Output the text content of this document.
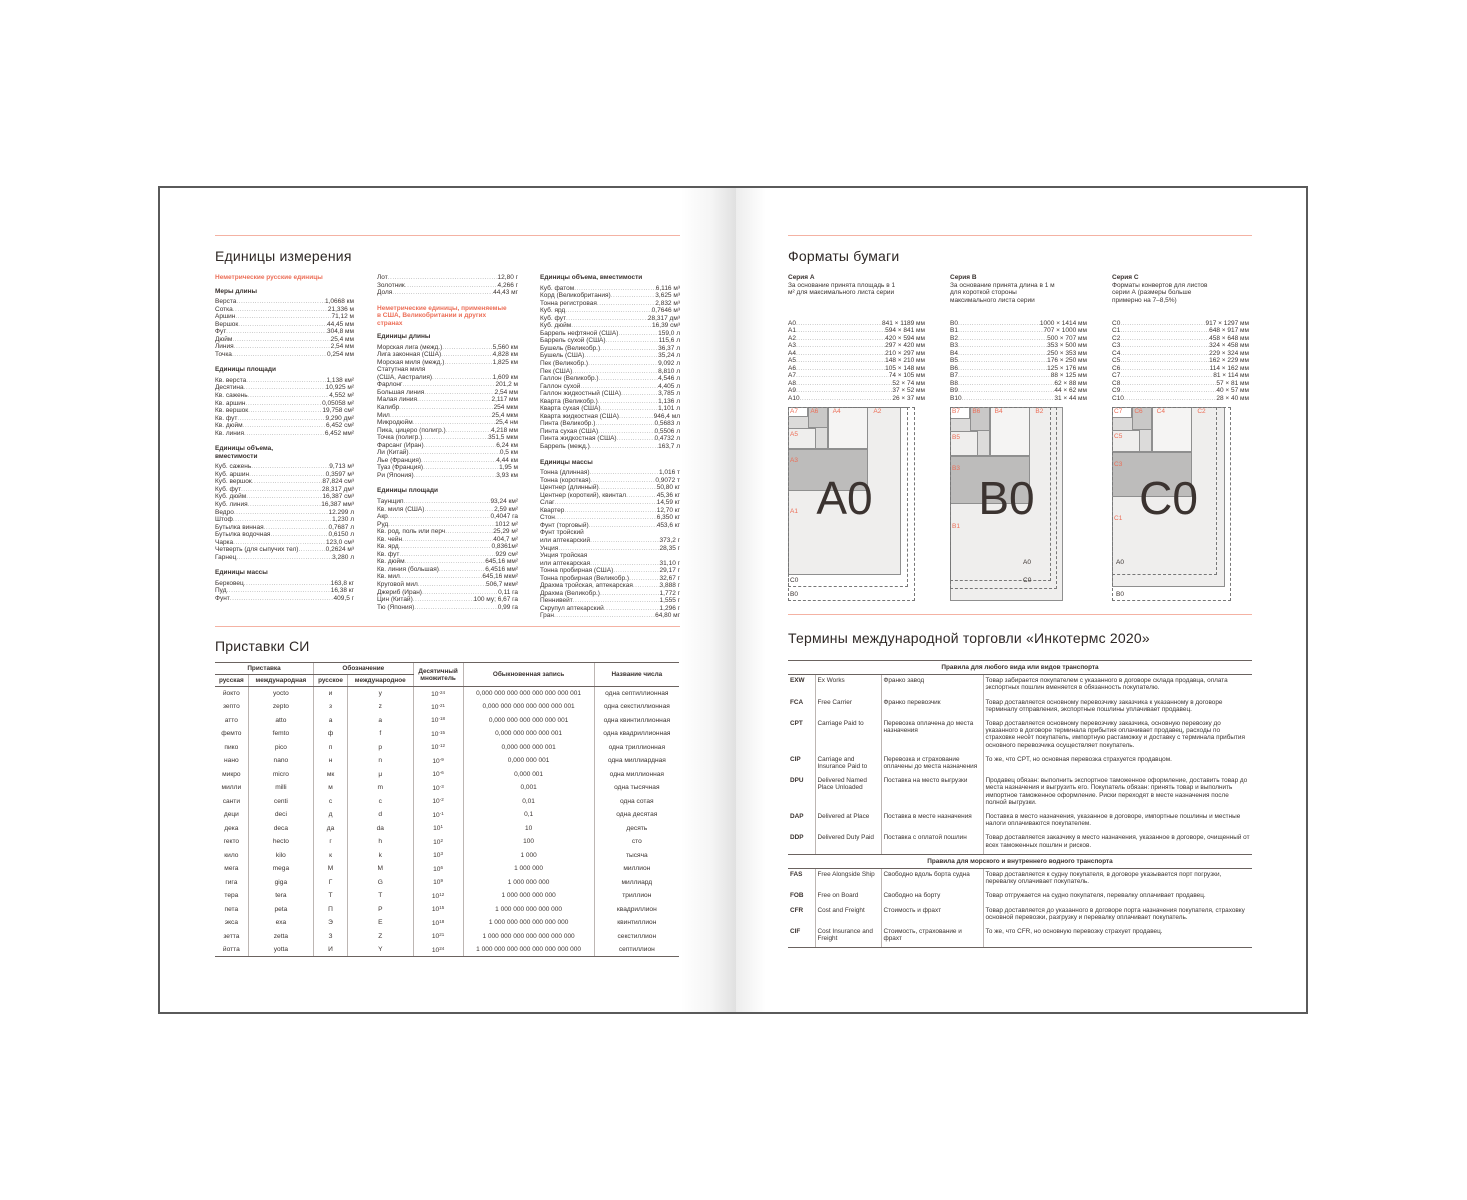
Единицы измерения
Неметрические русские единицы
Меры длины
Верста .....	1,0668 км
Сотка .....	21,336 м
Аршин .....	71,12 м
Вершок .....	44,45 мм
Фут .....	304,8 мм
Дюйм .....	25,4 мм
Линия .....	2,54 мм
Точка .....	0,254 мм
Единицы площади
Кв. верста .....	1,138 км²
Десятина .....	10,925 м²
Кв. сажень .....	4,552 м²
Кв. аршин .....	0,05058 м²
Кв. вершок .....	19,758 см²
Кв. фут .....	9,290 дм²
Кв. дюйм .....	6,452 см²
Кв. линия .....	6,452 мм²
Единицы объема, вместимости
Куб. сажень .....	9,713 м³
Куб. аршин .....	0,3597 м³
Куб. вершок .....	87,824 см³
Куб. фут .....	28,317 дм³
Куб. дюйм .....	16,387 см³
Куб. линия .....	16,387 мм³
Ведро .....	12.299 л
Штоф .....	1,230 л
Бутылка винная .....	0,7687 л
Бутылка водочная .....	0,6150 л
Чарка .....	123,0 см³
Четверть (для сыпучих тел) .....	0,2624 м³
Гарнец .....	3,280 л
Единицы массы
Берковец .....	163,8 кг
Пуд .....	16,38 кг
Фунт .....	409,5 г
Лот .....	12,80 г
Золотник .....	4,266 г
Доля .....	44,43 мг
Неметрические единицы, применяемые в США, Великобритании и других странах
Единицы длины
Морская лига (межд.) .....	5,560 км
Лига законная (США) .....	4,828 км
Морская миля (межд.) .....	1,825 км
Статутная миля
(США, Австралия) .....	1,609 км
Фарлонг .....	201,2 м
Большая линия .....	2,54 мм
Малая линия .....	2,117 мм
Калибр .....	254 мкм
Мил .....	25,4 мкм
Микродюйм .....	25,4 нм
Пика, цицеро (полигр.) .....	4,218 мм
Точка (полигр.) .....	351,5 мкм
Фарсанг (Иран) .....	6,24 км
Ли (Китай) .....	0,5 км
Лье (Франция) .....	4,44 км
Туаз (Франция) .....	1,95 м
Ри (Япония) .....	3,93 км
Единицы площади
Таунщип .....	93,24 км²
Кв. миля (США) .....	2,59 км²
Акр .....	0,4047 га
Руд .....	1012 м²
Кв. род, поль или перч .....	25,29 м²
Кв. чейн .....	404,7 м²
Кв. ярд .....	0,8361м²
Кв. фут .....	929 см²
Кв. дюйм .....	645,16 мм²
Кв. линия (большая) .....	6,4516 мм²
Кв. мил .....	645,16 мкм²
Круговой мил .....	506,7 мкм²
Джериб (Иран) .....	0,11 га
Цин (Китай) .....	100 му; 6,67 га
Тю (Япония) .....	0,99 га
Единицы объема, вместимости
Куб. фатом .....	6,116 м³
Корд (Великобритания) .....	3,625 м³
Тонна регистровая .....	2,832 м³
Куб. ярд .....	0,7646 м³
Куб. фут .....	28,317 дм³
Куб. дюйм .....	16,39 см³
Баррель нефтяной (США) .....	159,0 л
Баррель сухой (США) .....	115,6 л
Бушель (Великобр.) .....	36,37 л
Бушель (США) .....	35,24 л
Пек (Великобр.) .....	9,092 л
Пек (США) .....	8,810 л
Галлон (Великобр.) .....	4,546 л
Галлон сухой .....	4,405 л
Галлон жидкостный (США) .....	3,785 л
Кварта (Великобр.) .....	1,136 л
Кварта сухая (США) .....	1,101 л
Кварта жидкостная (США) .....	946,4 мл
Пинта (Великобр.) .....	0,5683 л
Пинта сухая (США) .....	0,5506 л
Пинта жидкостная (США) .....	0,4732 л
Баррель (межд.) .....	163,7 л
Единицы массы
Тонна (длинная) .....	1,016 т
Тонна (короткая) .....	0,9072 т
Центнер (длинный) .....	50,80 кг
Центнер (короткий), квинтал .....	45,36 кг
Слаг .....	14,59 кг
Квартер .....	12,70 кг
Стон .....	6,350 кг
Фунт (торговый) .....	453,6 кг
Фунт тройский
или аптекарский .....	373,2 г
Унция .....	28,35 г
Унция тройская
или аптекарская .....	31,10 г
Тонна пробирная (США) .....	29,17 г
Тонна пробирная (Великобр.) .....	32,67 г
Драхма тройская, аптекарская .....	3,888 г
Драхма (Великобр.) .....	1,772 г
Пеннивейт .....	1,555 г
Скрупул аптекарский .....	1,296 г
Гран .....	64,80 мг
Приставки СИ
Приставка		Обозначение		Десятичный множитель	Обыкновенная запись	Название числа
русская	международная	русское	международное			
йокто	yocto	и	y	$10^{-24}$	0,000 000 000 000 000 000 000 001	одна септиллионная
зепто	zepto	з	z	$10^{-21}$	0,000 000 000 000 000 000 001	одна секстиллионная
атто	atto	а	a	$10^{-18}$	0,000 000 000 000 000 001	одна квинтиллионная
фемто	femto	ф	f	$10^{-15}$	0,000 000 000 000 001	одна квадриллионная
пико	pico	п	p	$10^{-12}$	0,000 000 000 001	одна триллионная
нано	nano	н	n	$10^{-9}$	0,000 000 001	одна миллиардная
микро	micro	мк	μ	$10^{-6}$	0,000 001	одна миллионная
милли	milli	м	m	$10^{-3}$	0,001	одна тысячная
санти	centi	с	c	$10^{-2}$	0,01	одна сотая
деци	deci	д	d	$10^{-1}$	0,1	одна десятая
дека	deca	да	da	$10^1$	10	десять
гекто	hecto	г	h	$10^2$	100	сто
кило	kilo	к	k	$10^3$	1 000	тысяча
мега	mega	М	M	$10^6$	1 000 000	миллион
гига	giga	Г	G	$10^9$	1 000 000 000	миллиард
тера	tera	Т	T	$10^{12}$	1 000 000 000 000	триллион
пета	peta	П	P	$10^{15}$	1 000 000 000 000 000	квадриллион
экса	exa	Э	E	$10^{18}$	1 000 000 000 000 000 000	квинтиллион
зетта	zetta	З	Z	$10^{21}$	1 000 000 000 000 000 000 000	секстиллион
йотта	yotta	И	Y	$10^{24}$	1 000 000 000 000 000 000 000 000	септиллион
Форматы бумаги
Серия А
За основание принята площадь в 1 м² для максимального листа серии
A0 .....	841 × 1189 мм
A1 .....	594 × 841 мм
A2 .....	420 × 594 мм
A3 .....	297 × 420 мм
A4 .....	210 × 297 мм
A5 .....	148 × 210 мм
A6 .....	105 × 148 мм
A7 .....	74 × 105 мм
A8 .....	52 × 74 мм
A9 .....	37 × 52 мм
A10 .....	26 × 37 мм
A7 A6 A4	A2
A5
A3
A1 A0
C0
B0
Серия В
За основание принята длина в 1 м для короткой стороны максимального листа серии
B0 .....	1000 × 1414 мм
B1 .....	707 × 1000 мм
B2 .....	500 × 707 мм
B3 .....	353 × 500 мм
B4 .....	250 × 353 мм
B5 .....	176 × 250 мм
B6 .....	125 × 176 мм
B7 .....	88 × 125 мм
B8 .....	62 × 88 мм
B9 .....	44 × 62 мм
B10 .....	31 × 44 мм
B7 B6 B4	B2
B5
B3
B1
B0
A0
C0
Серия С
Форматы конвертов для листов серии А (размеры больше примерно на 7–8,5%)
C0 .....	917 × 1297 мм
C1 .....	648 × 917 мм
C2 .....	458 × 648 мм
C3 .....	324 × 458 мм
C4 .....	229 × 324 мм
C5 .....	162 × 229 мм
C6 .....	114 × 162 мм
C7 .....	81 × 114 мм
C8 .....	57 × 81 мм
C9 .....	40 × 57 мм
C10 .....	28 × 40 мм
C7 C6 C4	C2
C5
C3
C1 C0
A0
B0
Термины международной торговли «Инкотермс 2020»
Правила для любого вида или видов транспорта			
EXW	Ex Works	Франко завод	Товар забирается покупателем с указанного в договоре склада продавца, оплата экспортных пошлин вменяется в обязанность покупателю.
FCA	Free Carrier	Франко перевозчик	Товар доставляется основному перевозчику заказчика к указанному в договоре терминалу отправления, экспортные пошлины уплачивает продавец.
CPT	Carriage Paid to	Перевозка оплачена до места назначения	Товар доставляется основному перевозчику заказчика, основную перевозку до указанного в договоре терминала прибытия оплачивает продавец, расходы по страховке несёт покупатель, импортную растаможку и доставку с терминала прибытия основного перевозчика осуществляет покупатель.
CIP	Carriage and Insurance Paid to	Перевозка и страхование оплачены до места назначения	То же, что CPT, но основная перевозка страхуется продавцом.
DPU	Delivered Named Place Unloaded	Поставка на место выгрузки	Продавец обязан: выполнить экспортное таможенное оформление, доставить товар до места назначения и выгрузить его. Покупатель обязан: принять товар и выполнить импортное таможенное оформление. Риски переходят в месте назначения после полной выгрузки.
DAP	Delivered at Place	Поставка в месте назначения	Поставка в место назначения, указанное в договоре, импортные пошлины и местные налоги оплачиваются покупателем.
DDP	Delivered Duty Paid	Поставка с оплатой пошлин	Товар доставляется заказчику в место назначения, указанное в договоре, очищенный от всех таможенных пошлин и рисков.
Правила для морского и внутреннего водного транспорта			
FAS	Free Alongside Ship	Свободно вдоль борта судна	Товар доставляется к судну покупателя, в договоре указывается порт погрузки, перевалку оплачивает покупатель.
FOB	Free on Board	Свободно на борту	Товар отгружается на судно покупателя, перевалку оплачивает продавец.
CFR	Cost and Freight	Стоимость и фрахт	Товар доставляется до указанного в договоре порта назначения покупателя, страховку основной перевозки, разгрузку и перевалку оплачивает покупатель.
CIF	Cost Insurance and Freight	Стоимость, страхование и фрахт	То же, что CFR, но основную перевозку страхует продавец.
